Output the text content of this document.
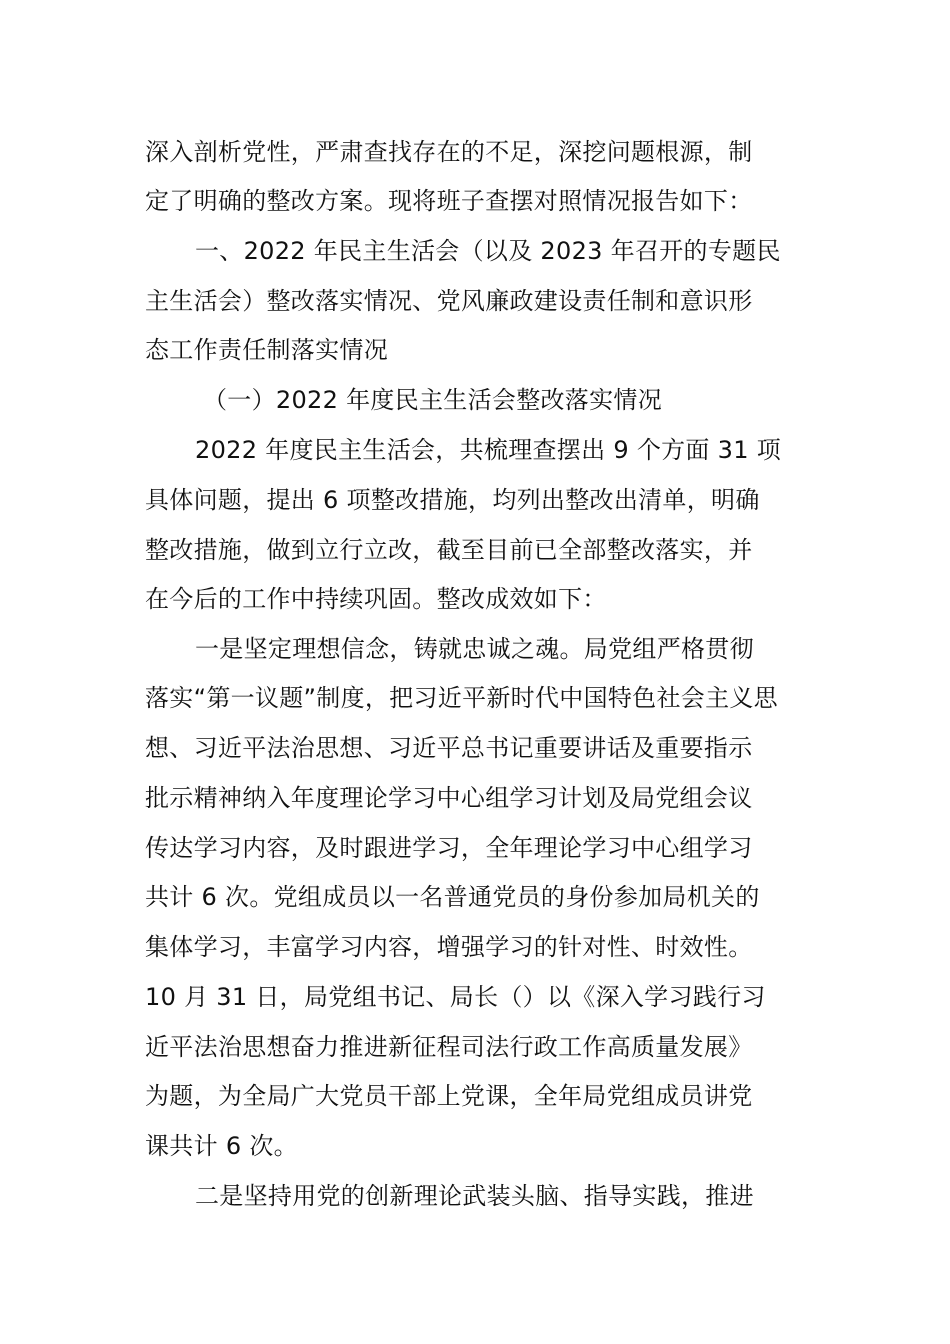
深入剖析党性，严肃查找存在的不足，深挖问题根源，制
定了明确的整改方案。现将班子查摆对照情况报告如下：
一、2022 年民主生活会（以及 2023 年召开的专题民
主生活会）整改落实情况、党风廉政建设责任制和意识形
态工作责任制落实情况
（一）2022 年度民主生活会整改落实情况
2022 年度民主生活会，共梳理查摆出 9 个方面 31 项
具体问题，提出 6 项整改措施，均列出整改出清单，明确
整改措施，做到立行立改，截至目前已全部整改落实，并
在今后的工作中持续巩固。整改成效如下：
一是坚定理想信念，铸就忠诚之魂。局党组严格贯彻
落实“第一议题”制度，把习近平新时代中国特色社会主义思
想、习近平法治思想、习近平总书记重要讲话及重要指示
批示精神纳入年度理论学习中心组学习计划及局党组会议
传达学习内容，及时跟进学习，全年理论学习中心组学习
共计 6 次。党组成员以一名普通党员的身份参加局机关的
集体学习，丰富学习内容，增强学习的针对性、时效性。
10 月 31 日，局党组书记、局长（）以《深入学习践行习
近平法治思想奋力推进新征程司法行政工作高质量发展》
为题，为全局广大党员干部上党课，全年局党组成员讲党
课共计 6 次。
二是坚持用党的创新理论武装头脑、指导实践，推进
